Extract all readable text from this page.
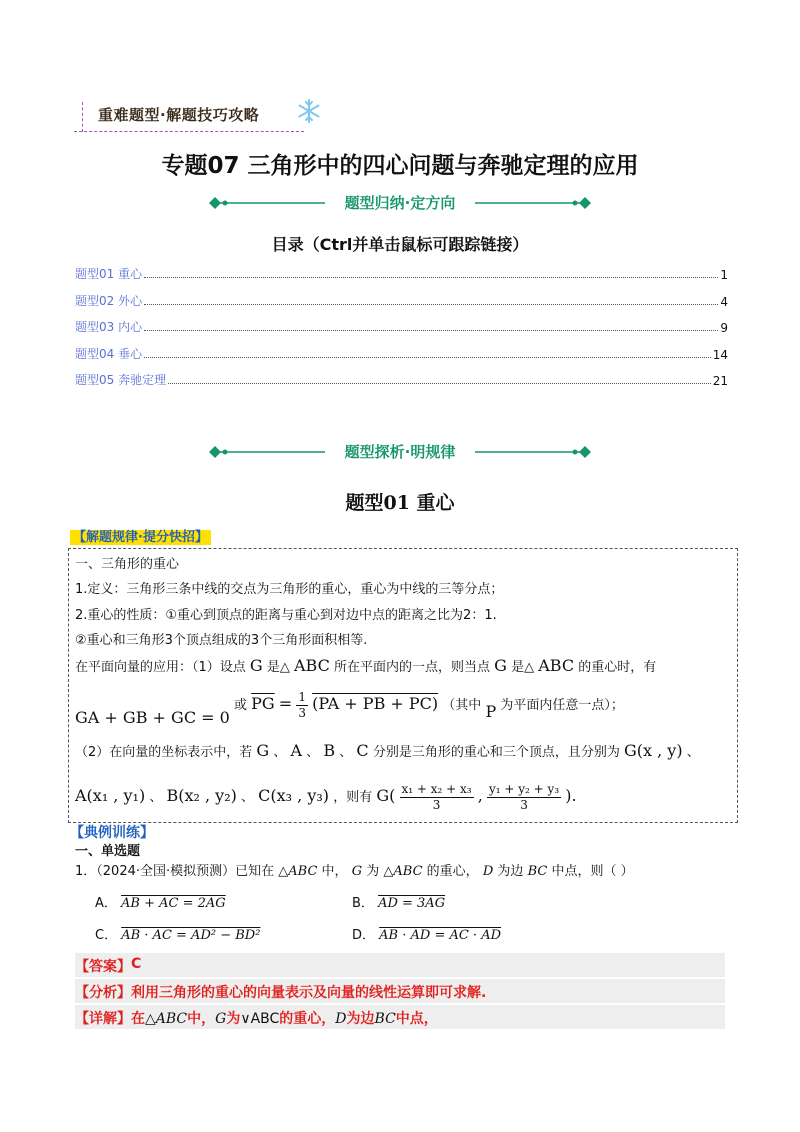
重难题型·解题技巧攻略
专题07 三角形中的四心问题与奔驰定理的应用
题型归纳·定方向
目录（Ctrl并单击鼠标可跟踪链接）
题型01 重心	1
题型02 外心	4
题型03 内心	9
题型04 垂心	14
题型05 奔驰定理	21
题型探析·明规律
题型01 重心
【解题规律·提分快招】
一、三角形的重心
1.定义：三角形三条中线的交点为三角形的重心，重心为中线的三等分点；
2.重心的性质：①重心到顶点的距离与重心到对边中点的距离之比为2：1.
②重心和三角形3个顶点组成的3个三角形面积相等.
在平面向量的应用：（1）设点 G 是△ ABC 所在平面内的一点，则当点 G 是△ ABC 的重心时，有
GA + GB + GC = 0 或 $\overline{PG} = \frac{1}{3} (PA$ + PB + PC) （其中 P 为平面内任意一点）；
（2）在向量的坐标表示中，若 G 、 A 、 B 、 C 分别是三角形的重心和三个顶点，且分别为 G(x , y) 、
A(x₁ , y₁) 、 B(x₂ , y₂) 、 C(x₃ , y₃) ，则有 $G( \frac{\text{x₁ + x₂ + x₃}}{3}$ , $\frac{\text{y₁ + y₂ + y₃}}{3}$ ).
【典例训练】
一、单选题
1．（2024·全国·模拟预测）已知在 △ABC 中， G 为 △ABC 的重心， D 为边 BC 中点，则（ ）
A． AB + AC = 2AG	B． AD = 3AG
C． AB · AC = AD² − BD²	D． AB · AD = AC · AD
【答案】 C
【分析】 利用三角形的重心的向量表示及向量的线性运算即可求解.
【详解】在△ABC中，G为∨ABC的重心，D为边BC中点，
